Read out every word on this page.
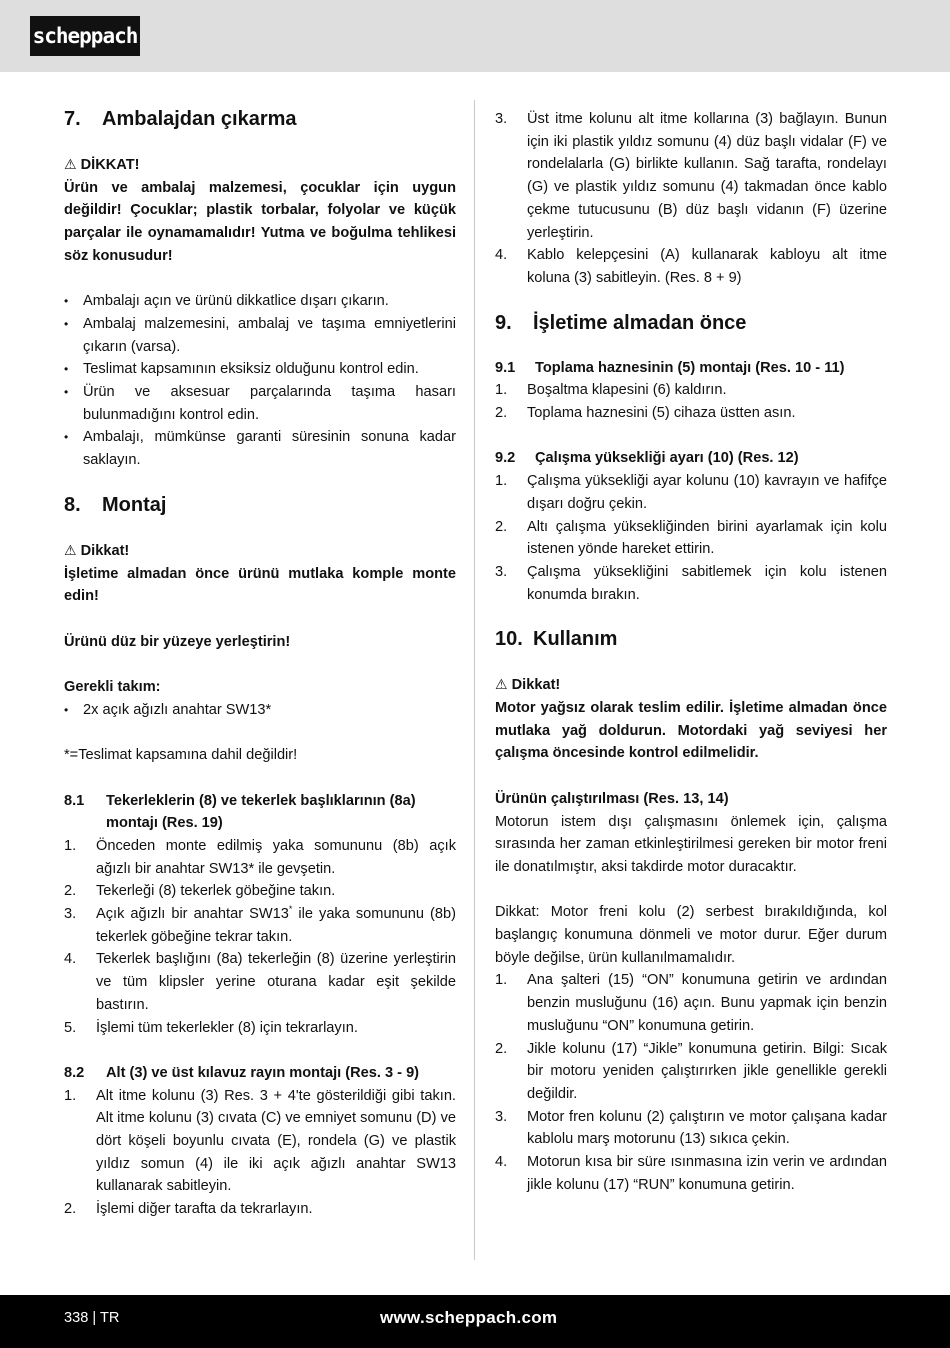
scheppach
7.	Ambalajdan çıkarma

⚠ DİKKAT!

Ürün ve ambalaj malzemesi, çocuklar için uygun değildir! Çocuklar; plastik torbalar, folyolar ve küçük parçalar ile oynamamalıdır! Yutma ve boğulma tehlikesi söz konusudur!

• Ambalajı açın ve ürünü dikkatlice dışarı çıkarın.
• Ambalaj malzemesini, ambalaj ve taşıma emniyetlerini çıkarın (varsa).
• Teslimat kapsamının eksiksiz olduğunu kontrol edin.
• Ürün ve aksesuar parçalarında taşıma hasarı bulunmadığını kontrol edin.
• Ambalajı, mümkünse garanti süresinin sonuna kadar saklayın.
8.	Montaj

⚠ Dikkat!

İşletime almadan önce ürünü mutlaka komple monte edin!

Ürünü düz bir yüzeye yerleştirin!

Gerekli takım:

• 2x açık ağızlı anahtar SW13*

*=Teslimat kapsamına dahil değildir!

8.1	Tekerleklerin (8) ve tekerlek başlıklarının (8a) montajı (Res. 19)
1. Önceden monte edilmiş yaka somununu (8b) açık ağızlı bir anahtar SW13* ile gevşetin.
2. Tekerleği (8) tekerlek göbeğine takın.
3. Açık ağızlı bir anahtar SW13* ile yaka somununu (8b) tekerlek göbeğine tekrar takın.
4. Tekerlek başlığını (8a) tekerleğin (8) üzerine yerleştirin ve tüm klipsler yerine oturana kadar eşit şekilde bastırın.
5. İşlemi tüm tekerlekler (8) için tekrarlayın.
8.2	Alt (3) ve üst kılavuz rayın montajı (Res. 3 - 9)
1. Alt itme kolunu (3) Res. 3 + 4'te gösterildiği gibi takın. Alt itme kolunu (3) cıvata (C) ve emniyet somunu (D) ve dört köşeli boyunlu cıvata (E), rondela (G) ve plastik yıldız somun (4) ile iki açık ağızlı anahtar SW13 kullanarak sabitleyin.
2. İşlemi diğer tarafta da tekrarlayın.
3. Üst itme kolunu alt itme kollarına (3) bağlayın. Bunun için iki plastik yıldız somunu (4) düz başlı vidalar (F) ve rondelalarla (G) birlikte kullanın. Sağ tarafta, rondelayı (G) ve plastik yıldız somunu (4) takmadan önce kablo çekme tutucusunu (B) düz başlı vidanın (F) üzerine yerleştirin.
4. Kablo kelepçesini (A) kullanarak kabloyu alt itme koluna (3) sabitleyin. (Res. 8 + 9)
9.	İşletime almadan önce
9.1	Toplama haznesinin (5) montajı (Res. 10 - 11)
1. Boşaltma klapesini (6) kaldırın.
2. Toplama haznesini (5) cihaza üstten asın.
9.2	Çalışma yüksekliği ayarı (10) (Res. 12)
1. Çalışma yüksekliği ayar kolunu (10) kavrayın ve hafifçe dışarı doğru çekin.
2. Altı çalışma yüksekliğinden birini ayarlamak için kolu istenen yönde hareket ettirin.
3. Çalışma yüksekliğini sabitlemek için kolu istenen konumda bırakın.
10. Kullanım

⚠ Dikkat!

Motor yağsız olarak teslim edilir. İşletime almadan önce mutlaka yağ doldurun. Motordaki yağ seviyesi her çalışma öncesinde kontrol edilmelidir.

Ürünün çalıştırılması (Res. 13, 14)

Motorun istem dışı çalışmasını önlemek için, çalışma sırasında her zaman etkinleştirilmesi gereken bir motor freni ile donatılmıştır, aksi takdirde motor duracaktır.

Dikkat: Motor freni kolu (2) serbest bırakıldığında, kol başlangıç konumuna dönmeli ve motor durur. Eğer durum böyle değilse, ürün kullanılmamalıdır.

1. Ana şalteri (15) “ON” konumuna getirin ve ardından benzin musluğunu (16) açın. Bunu yapmak için benzin musluğunu “ON” konumuna getirin.
2. Jikle kolunu (17) “Jikle” konumuna getirin. Bilgi: Sıcak bir motoru yeniden çalıştırırken jikle genellikle gerekli değildir.
3. Motor fren kolunu (2) çalıştırın ve motor çalışana kadar kablolu marş motorunu (13) sıkıca çekin.
4. Motorun kısa bir süre ısınmasına izin verin ve ardından jikle kolunu (17) “RUN” konumuna getirin.
338 | TR	www.scheppach.com
